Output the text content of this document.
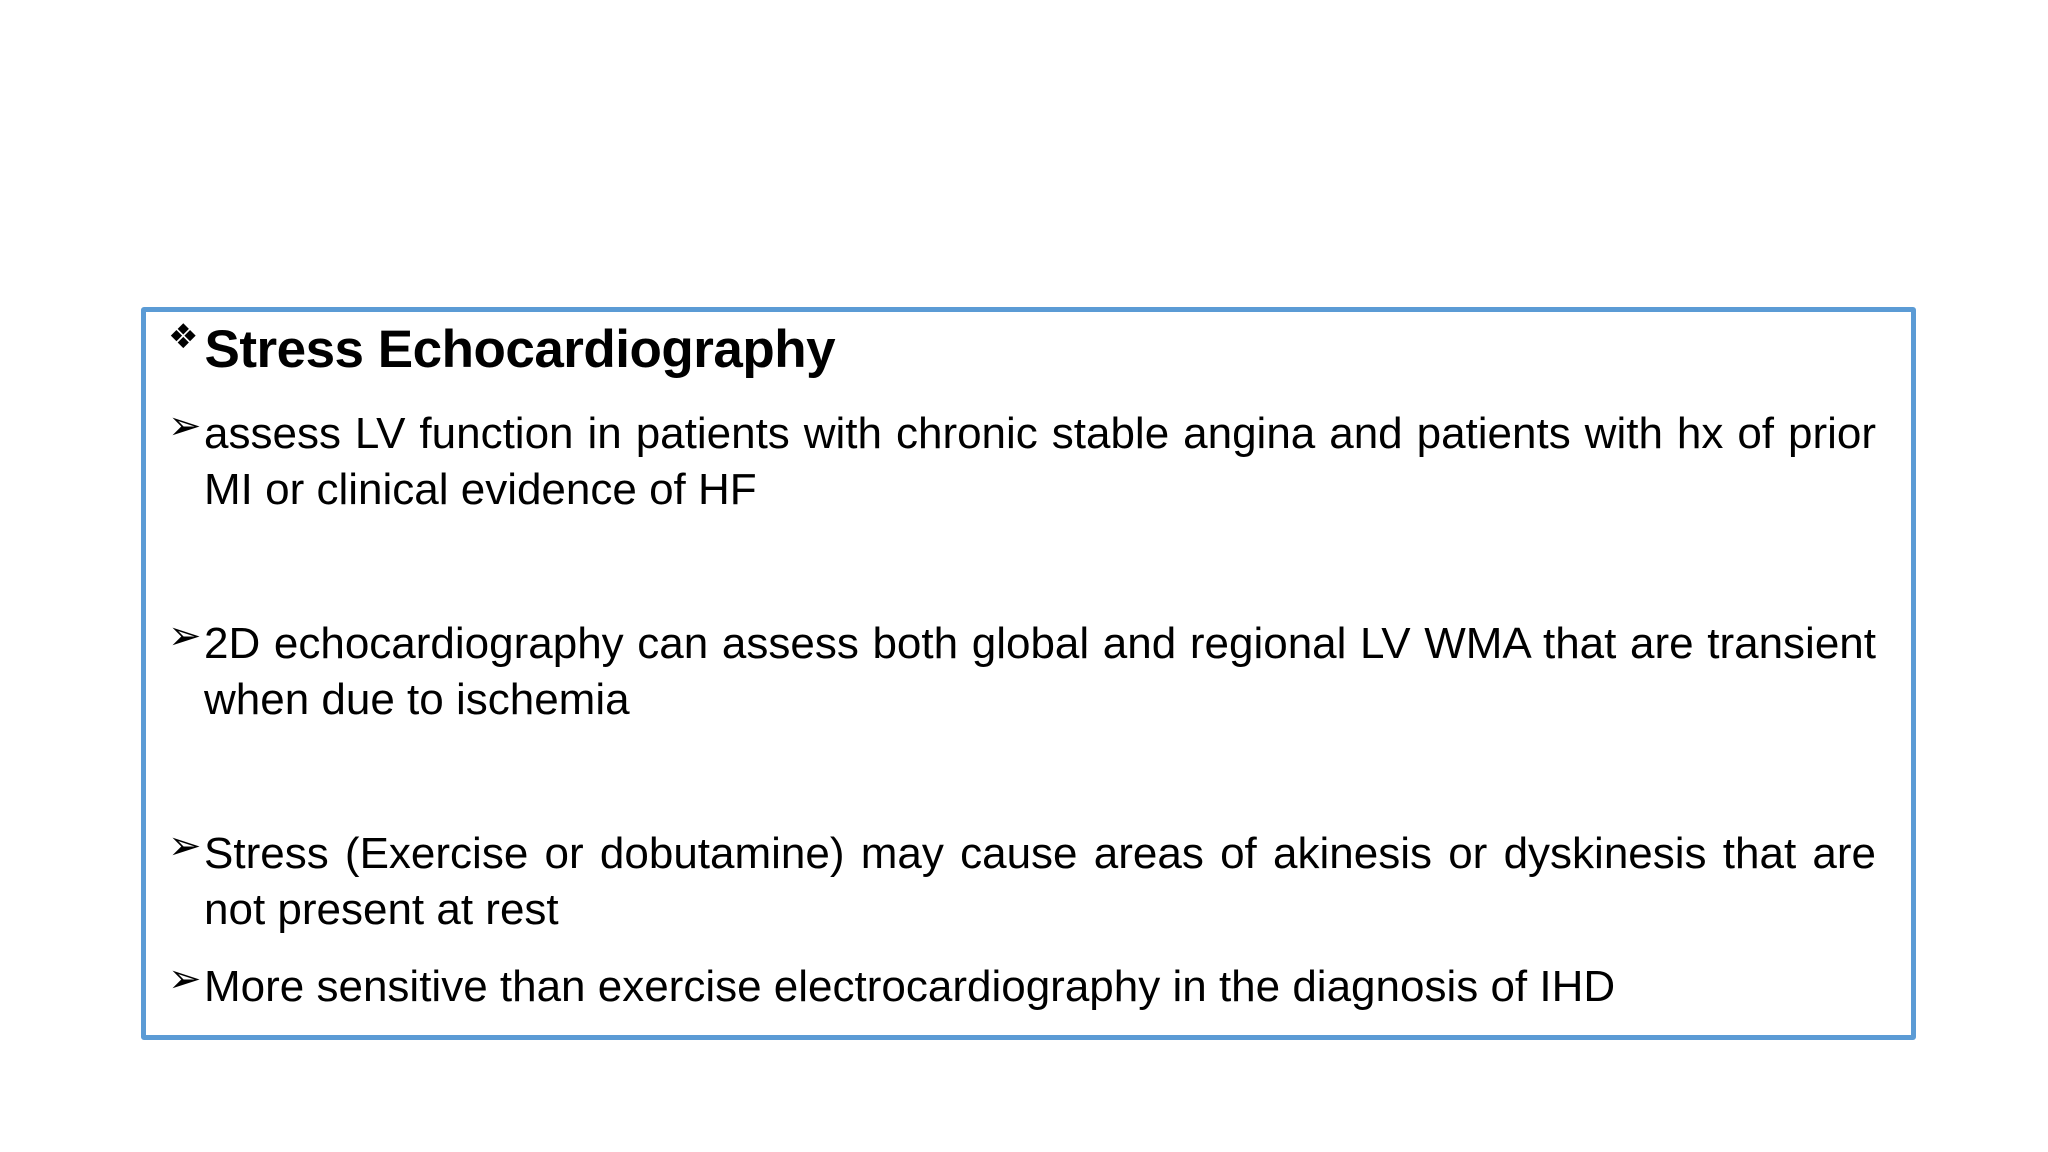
❖ Stress Echocardiography
➢ assess LV function in patients with chronic stable angina and patients with hx of prior MI or clinical evidence of HF
➢ 2D echocardiography can assess both global and regional LV WMA that are transient when due to ischemia
➢ Stress (Exercise or dobutamine) may cause areas of akinesis or dyskinesis that are not present at rest
➢ More sensitive than exercise electrocardiography in the diagnosis of IHD
